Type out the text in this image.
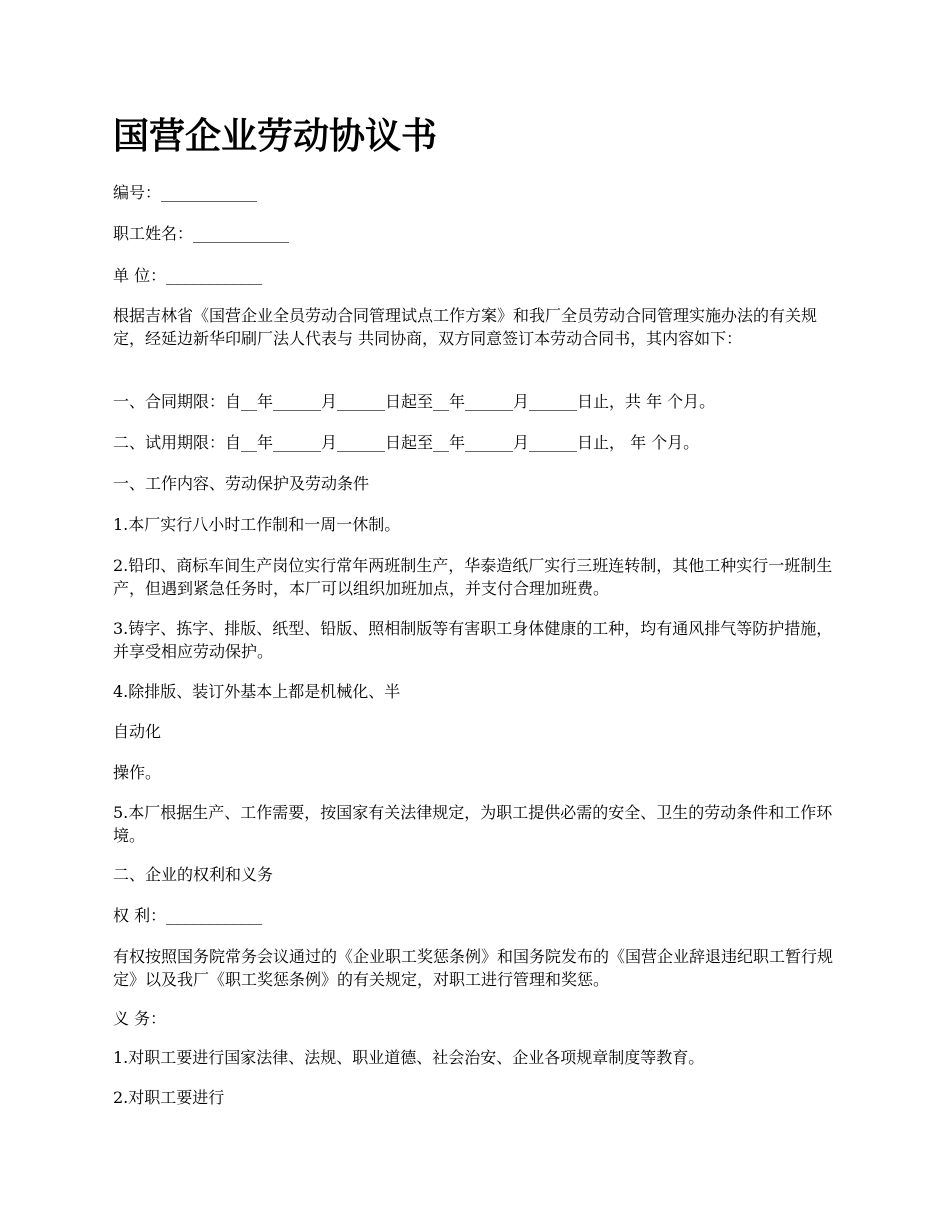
国营企业劳动协议书

编号：____________

职工姓名：____________

单 位：____________

根据吉林省《国营企业全员劳动合同管理试点工作方案》和我厂全员劳动合同管理实施办法的有关规定，经延边新华印刷厂法人代表与 共同协商，双方同意签订本劳动合同书，其内容如下：

一、合同期限：自__年______月______日起至__年______月______日止，共 年 个月。

二、试用期限：自__年______月______日起至__年______月______日止， 年 个月。

一、工作内容、劳动保护及劳动条件

1.本厂实行八小时工作制和一周一休制。

2.铅印、商标车间生产岗位实行常年两班制生产，华泰造纸厂实行三班连转制，其他工种实行一班制生产，但遇到紧急任务时，本厂可以组织加班加点，并支付合理加班费。

3.铸字、拣字、排版、纸型、铅版、照相制版等有害职工身体健康的工种，均有通风排气等防护措施，并享受相应劳动保护。

4.除排版、装订外基本上都是机械化、半

自动化

操作。

5.本厂根据生产、工作需要，按国家有关法律规定，为职工提供必需的安全、卫生的劳动条件和工作环境。

二、企业的权利和义务

权 利：____________

有权按照国务院常务会议通过的《企业职工奖惩条例》和国务院发布的《国营企业辞退违纪职工暂行规定》以及我厂《职工奖惩条例》的有关规定，对职工进行管理和奖惩。

义 务：

1.对职工要进行国家法律、法规、职业道德、社会治安、企业各项规章制度等教育。

2.对职工要进行
